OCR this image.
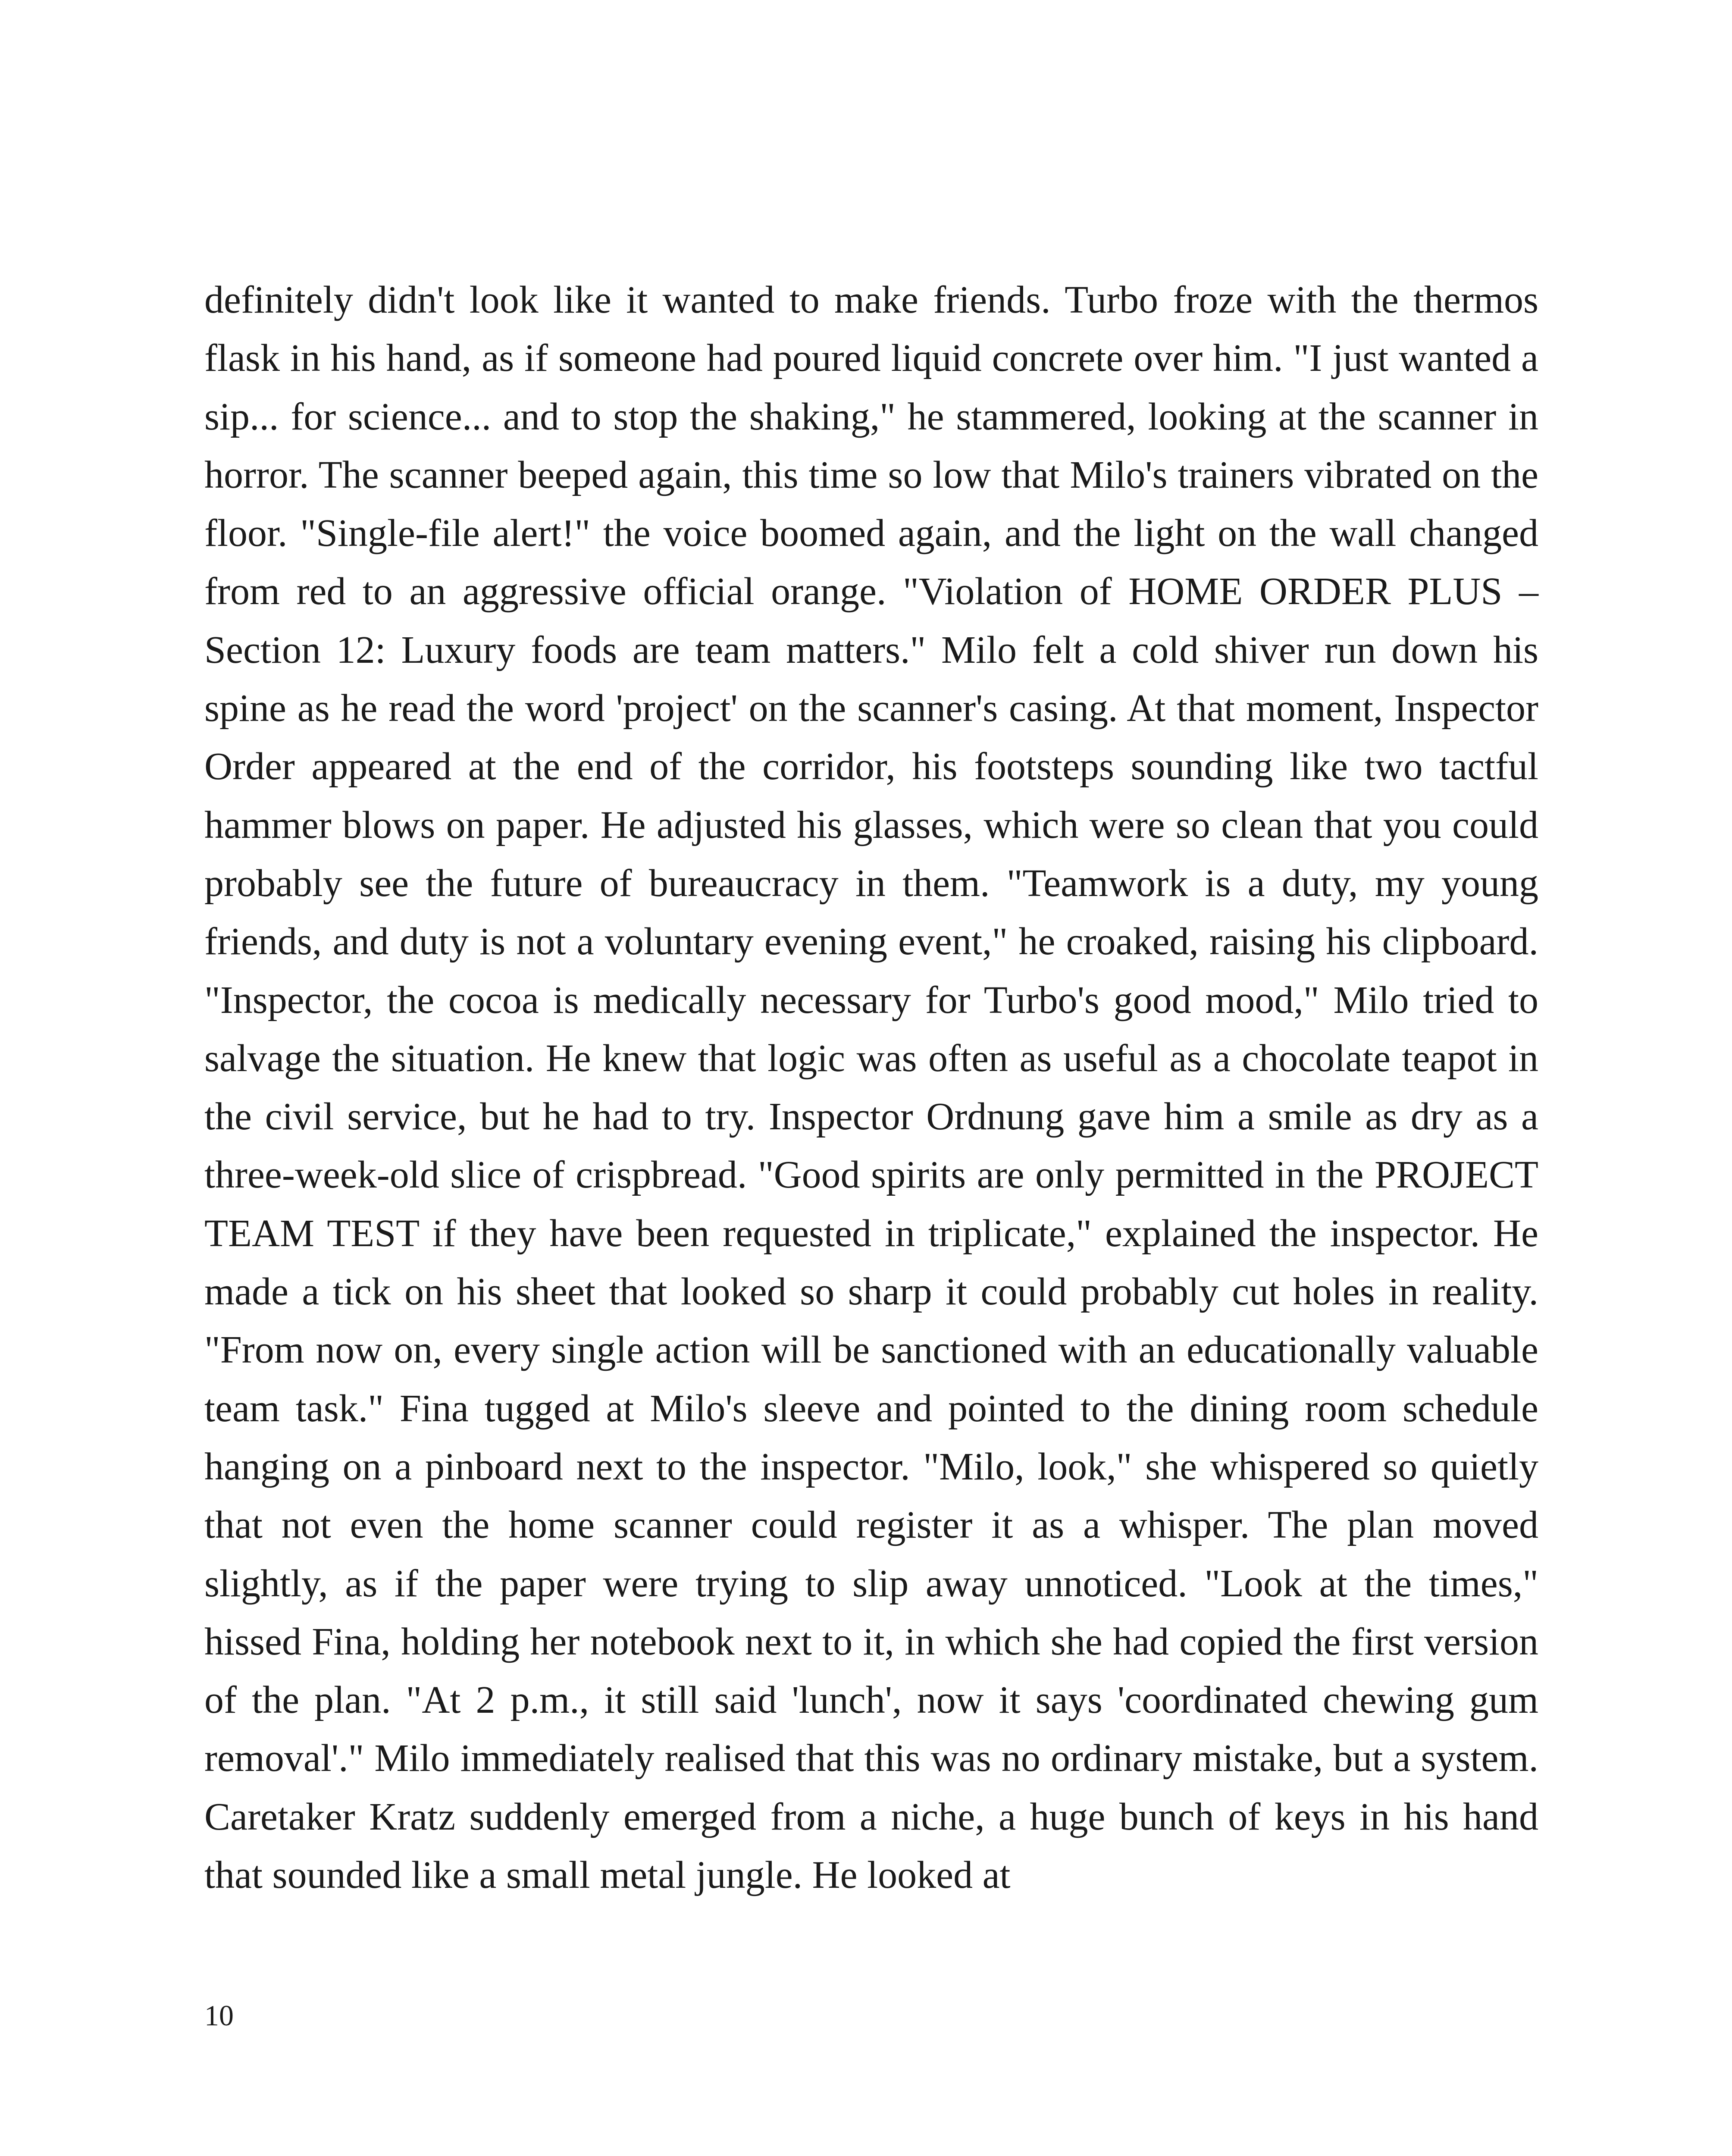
definitely didn't look like it wanted to make friends. Turbo froze with the thermos flask in his hand, as if someone had poured liquid concrete over him. "I just wanted a sip... for science... and to stop the shaking," he stammered, looking at the scanner in horror. The scanner beeped again, this time so low that Milo's trainers vibrated on the floor. "Single-file alert!" the voice boomed again, and the light on the wall changed from red to an aggressive official orange. "Violation of HOME ORDER PLUS – Section 12: Luxury foods are team matters." Milo felt a cold shiver run down his spine as he read the word 'project' on the scanner's casing. At that moment, Inspector Order appeared at the end of the corridor, his footsteps sounding like two tactful hammer blows on paper. He adjusted his glasses, which were so clean that you could probably see the future of bureaucracy in them. "Teamwork is a duty, my young friends, and duty is not a voluntary evening event," he croaked, raising his clipboard. "Inspector, the cocoa is medically necessary for Turbo's good mood," Milo tried to salvage the situation. He knew that logic was often as useful as a chocolate teapot in the civil service, but he had to try. Inspector Ordnung gave him a smile as dry as a three-week-old slice of crispbread. "Good spirits are only permitted in the PROJECT TEAM TEST if they have been requested in triplicate," explained the inspector. He made a tick on his sheet that looked so sharp it could probably cut holes in reality. "From now on, every single action will be sanctioned with an educationally valuable team task." Fina tugged at Milo's sleeve and pointed to the dining room schedule hanging on a pinboard next to the inspector. "Milo, look," she whispered so quietly that not even the home scanner could register it as a whisper. The plan moved slightly, as if the paper were trying to slip away unnoticed. "Look at the times," hissed Fina, holding her notebook next to it, in which she had copied the first version of the plan. "At 2 p.m., it still said 'lunch', now it says 'coordinated chewing gum removal'." Milo immediately realised that this was no ordinary mistake, but a system. Caretaker Kratz suddenly emerged from a niche, a huge bunch of keys in his hand that sounded like a small metal jungle. He looked at

10
